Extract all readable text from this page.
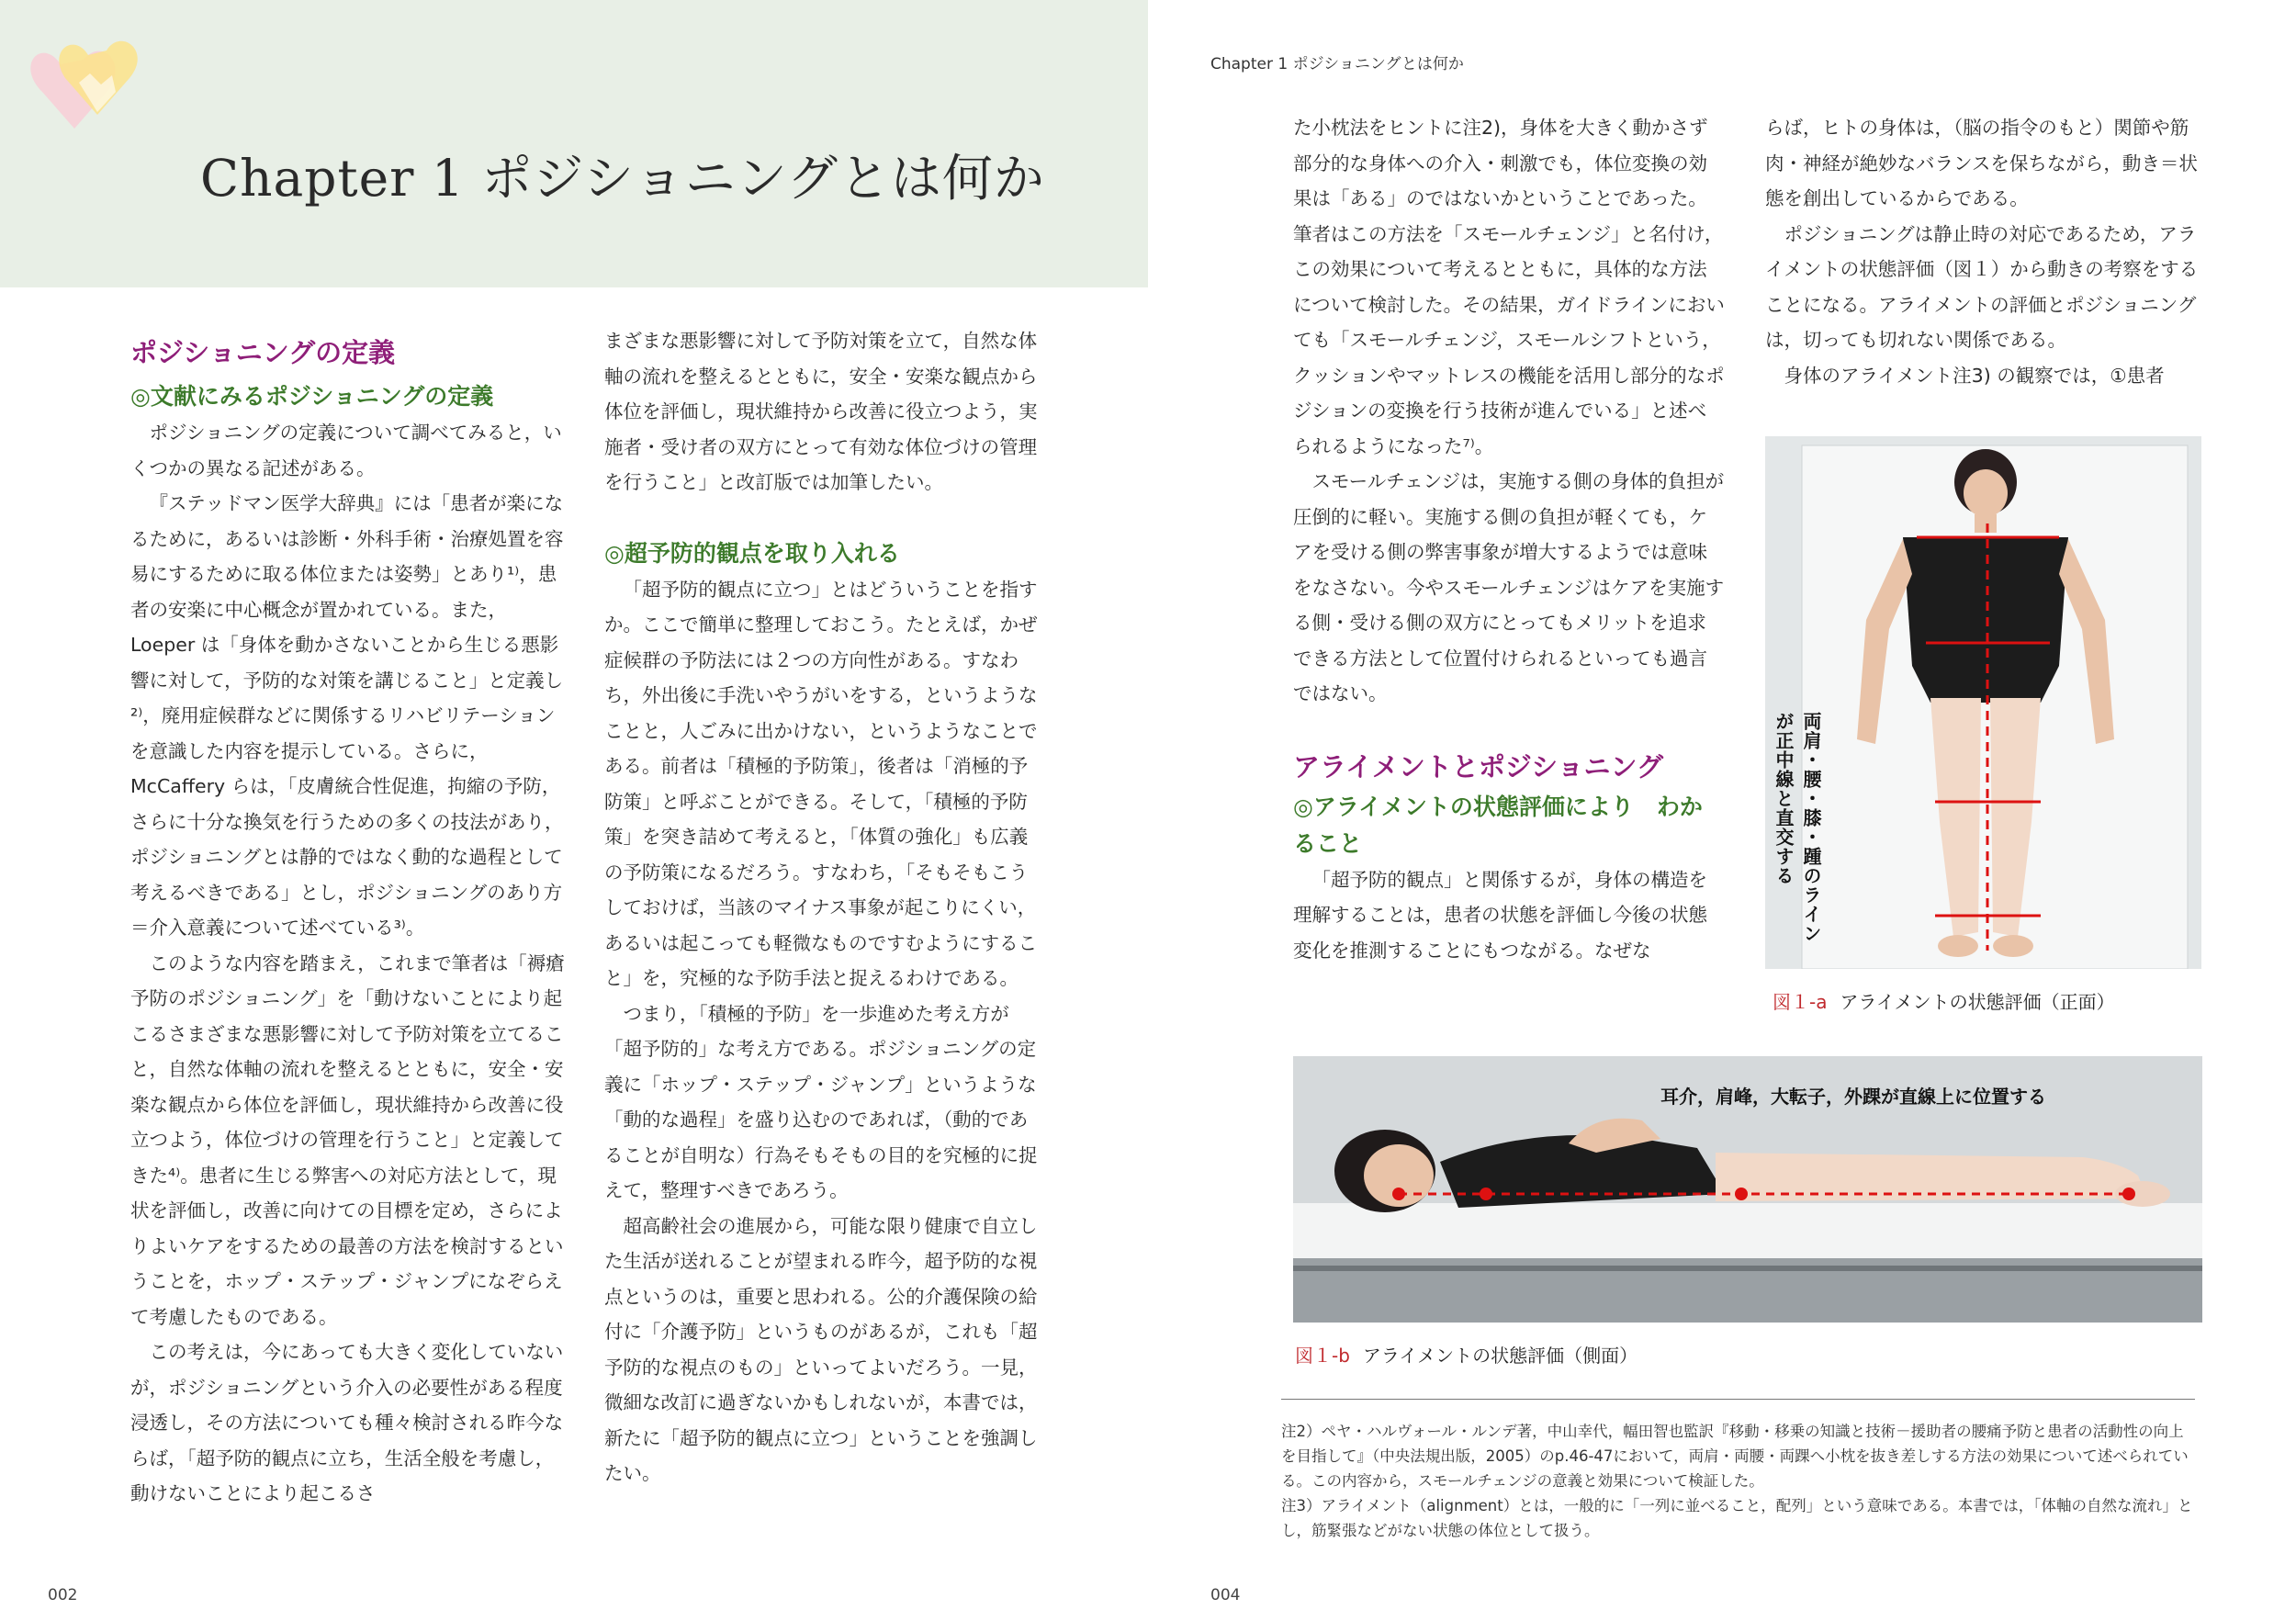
Chapter 1 ポジショニングとは何か
ポジショニングの定義
◎文献にみるポジショニングの定義

ポジショニングの定義について調べてみると，いくつかの異なる記述がある。

『ステッドマン医学大辞典』には「患者が楽になるために，あるいは診断・外科手術・治療処置を容易にするために取る体位または姿勢」とあり¹⁾，患者の安楽に中心概念が置かれている。また，Loeper は「身体を動かさないことから生じる悪影響に対して，予防的な対策を講じること」と定義し²⁾，廃用症候群などに関係するリハビリテーションを意識した内容を提示している。さらに，McCaffery らは，「皮膚統合性促進，拘縮の予防，さらに十分な換気を行うための多くの技法があり，ポジショニングとは静的ではなく動的な過程として考えるべきである」とし，ポジショニングのあり方＝介入意義について述べている³⁾。

このような内容を踏まえ，これまで筆者は「褥瘡予防のポジショニング」を「動けないことにより起こるさまざまな悪影響に対して予防対策を立てること，自然な体軸の流れを整えるとともに，安全・安楽な観点から体位を評価し，現状維持から改善に役立つよう，体位づけの管理を行うこと」と定義してきた⁴⁾。患者に生じる弊害への対応方法として，現状を評価し，改善に向けての目標を定め，さらによりよいケアをするための最善の方法を検討するということを，ホップ・ステップ・ジャンプになぞらえて考慮したものである。

この考えは，今にあっても大きく変化していないが，ポジショニングという介入の必要性がある程度浸透し，その方法についても種々検討される昨今ならば，「超予防的観点に立ち，生活全般を考慮し，動けないことにより起こるさ

まざまな悪影響に対して予防対策を立て，自然な体軸の流れを整えるとともに，安全・安楽な観点から体位を評価し，現状維持から改善に役立つよう，実施者・受け者の双方にとって有効な体位づけの管理を行うこと」と改訂版では加筆したい。

◎超予防的観点を取り入れる

「超予防的観点に立つ」とはどういうことを指すか。ここで簡単に整理しておこう。たとえば，かぜ症候群の予防法には２つの方向性がある。すなわち，外出後に手洗いやうがいをする，というようなことと，人ごみに出かけない，というようなことである。前者は「積極的予防策」，後者は「消極的予防策」と呼ぶことができる。そして，「積極的予防策」を突き詰めて考えると，「体質の強化」も広義の予防策になるだろう。すなわち，「そもそもこうしておけば，当該のマイナス事象が起こりにくい，あるいは起こっても軽微なものですむようにすること」を，究極的な予防手法と捉えるわけである。

つまり，「積極的予防」を一歩進めた考え方が「超予防的」な考え方である。ポジショニングの定義に「ホップ・ステップ・ジャンプ」というような「動的な過程」を盛り込むのであれば，（動的であることが自明な）行為そもそもの目的を究極的に捉えて，整理すべきであろう。

超高齢社会の進展から，可能な限り健康で自立した生活が送れることが望まれる昨今，超予防的な視点というのは，重要と思われる。公的介護保険の給付に「介護予防」というものがあるが，これも「超予防的な視点のもの」といってよいだろう。一見，微細な改訂に過ぎないかもしれないが，本書では，新たに「超予防的観点に立つ」ということを強調したい。

002
Chapter 1 ポジショニングとは何か

た小枕法をヒントに注2)，身体を大きく動かさず部分的な身体への介入・刺激でも，体位変換の効果は「ある」のではないかということであった。筆者はこの方法を「スモールチェンジ」と名付け，この効果について考えるとともに，具体的な方法について検討した。その結果，ガイドラインにおいても「スモールチェンジ，スモールシフトという，クッションやマットレスの機能を活用し部分的なポジションの変換を行う技術が進んでいる」と述べられるようになった⁷⁾。

スモールチェンジは，実施する側の身体的負担が圧倒的に軽い。実施する側の負担が軽くても，ケアを受ける側の弊害事象が増大するようでは意味をなさない。今やスモールチェンジはケアを実施する側・受ける側の双方にとってもメリットを追求できる方法として位置付けられるといっても過言ではない。

アライメントとポジショニング
◎アライメントの状態評価により　わかること

「超予防的観点」と関係するが，身体の構造を理解することは，患者の状態を評価し今後の状態変化を推測することにもつながる。なぜな

らば，ヒトの身体は，（脳の指令のもと）関節や筋肉・神経が絶妙なバランスを保ちながら，動き＝状態を創出しているからである。

ポジショニングは静止時の対応であるため，アライメントの状態評価（図１）から動きの考察をすることになる。アライメントの評価とポジショニングは，切っても切れない関係である。

身体のアライメント注3) の観察では，①患者

両肩・腰・膝・踵のラインが正中線と直交する
図１-a アライメントの状態評価（正面）
耳介，肩峰，大転子，外踝が直線上に位置する
図１-b アライメントの状態評価（側面）

注2）ペヤ・ハルヴォール・ルンデ著，中山幸代，幅田智也監訳『移動・移乗の知識と技術－援助者の腰痛予防と患者の活動性の向上を目指して』（中央法規出版，2005）のp.46-47において，両肩・両腰・両踝へ小枕を抜き差しする方法の効果について述べられている。この内容から，スモールチェンジの意義と効果について検証した。

注3）アライメント（alignment）とは，一般的に「一列に並べること，配列」という意味である。本書では，「体軸の自然な流れ」とし，筋緊張などがない状態の体位として扱う。

004
